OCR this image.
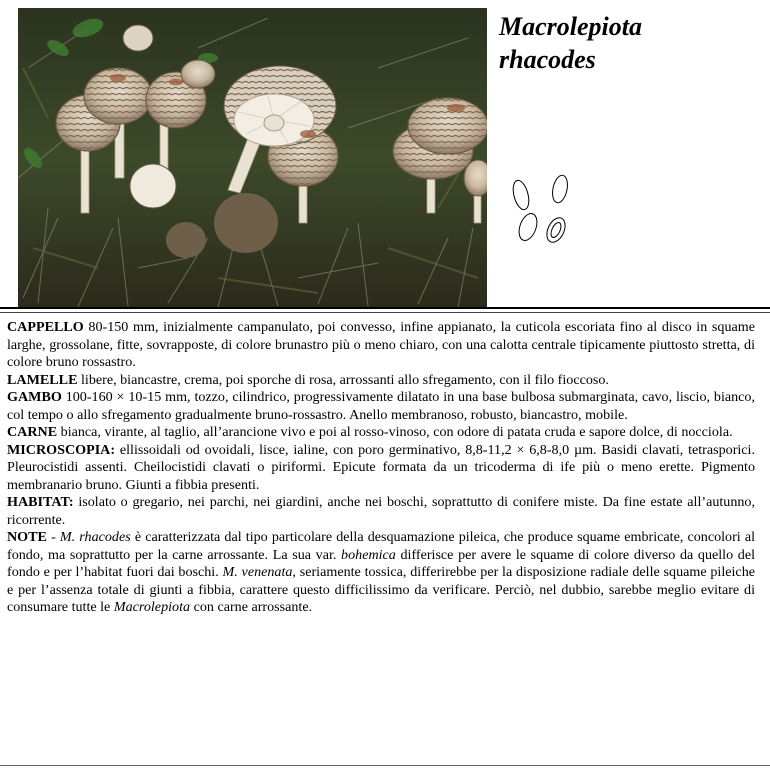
Macrolepiota
rhacodes

CAPPELLO 80-150 mm, inizialmente campanulato, poi convesso, infine appianato, la cuticola escoriata fino al disco in squame larghe, grossolane, fitte, sovrapposte, di colore brunastro più o meno chiaro, con una calotta centrale tipicamente piuttosto stretta, di colore bruno rossastro.

LAMELLE libere, biancastre, crema, poi sporche di rosa, arrossanti allo sfregamento, con il filo fioccoso.

GAMBO 100-160 × 10-15 mm, tozzo, cilindrico, progressivamente dilatato in una base bulbosa submarginata, cavo, liscio, bianco, col tempo o allo sfregamento gradualmente bruno-rossastro. Anello membranoso, robusto, biancastro, mobile.

CARNE bianca, virante, al taglio, all’arancione vivo e poi al rosso-vinoso, con odore di patata cruda e sapore dolce, di nocciola.

MICROSCOPIA: ellissoidali od ovoidali, lisce, ialine, con poro germinativo, 8,8-11,2 × 6,8-8,0 µm. Basidi clavati, tetrasporici. Pleurocistidi assenti. Cheilocistidi clavati o piriformi. Epicute formata da un tricoderma di ife più o meno erette. Pigmento membranario bruno. Giunti a fibbia presenti.

HABITAT: isolato o gregario, nei parchi, nei giardini, anche nei boschi, soprattutto di conifere miste. Da fine estate all’autunno, ricorrente.

NOTE - M. rhacodes è caratterizzata dal tipo particolare della desquamazione pileica, che produce squame embricate, concolori al fondo, ma soprattutto per la carne arrossante. La sua var. bohemica differisce per avere le squame di colore diverso da quello del fondo e per l’habitat fuori dai boschi. M. venenata, seriamente tossica, differirebbe per la disposizione radiale delle squame pileiche e per l’assenza totale di giunti a fibbia, carattere questo difficilissimo da verificare. Perciò, nel dubbio, sarebbe meglio evitare di consumare tutte le Macrolepiota con carne arrossante.
